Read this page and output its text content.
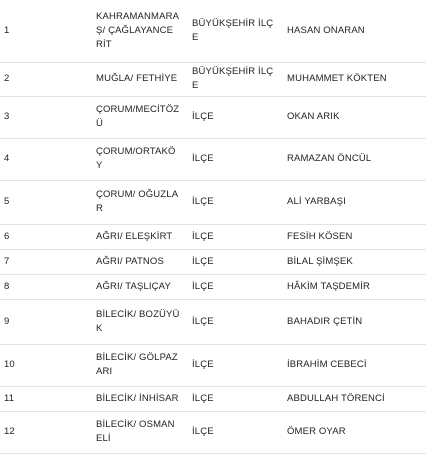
1	KAHRAMANMARAŞ/ ÇAĞLAYANCERİT	BÜYÜKŞEHİR İLÇE	HASAN ONARAN
2	MUĞLA/ FETHİYE	BÜYÜKŞEHİR İLÇE	MUHAMMET KÖKTEN
3	ÇORUM/MECİTÖZÜ	İLÇE	OKAN ARIK
4	ÇORUM/ORTAKÖY	İLÇE	RAMAZAN ÖNCÜL
5	ÇORUM/ OĞUZLAR	İLÇE	ALİ YARBAŞI
6	AĞRI/ ELEŞKİRT	İLÇE	FESİH KÖSEN
7	AĞRI/ PATNOS	İLÇE	BİLAL ŞİMŞEK
8	AĞRI/ TAŞLIÇAY	İLÇE	HÂKİM TAŞDEMİR
9	BİLECİK/ BOZÜYÜK	İLÇE	BAHADIR ÇETİN
10	BİLECİK/ GÖLPAZARI	İLÇE	İBRAHİM CEBECİ
11	BİLECİK/ İNHİSAR	İLÇE	ABDULLAH TÖRENCİ
12	BİLECİK/ OSMANELİ	İLÇE	ÖMER OYAR
